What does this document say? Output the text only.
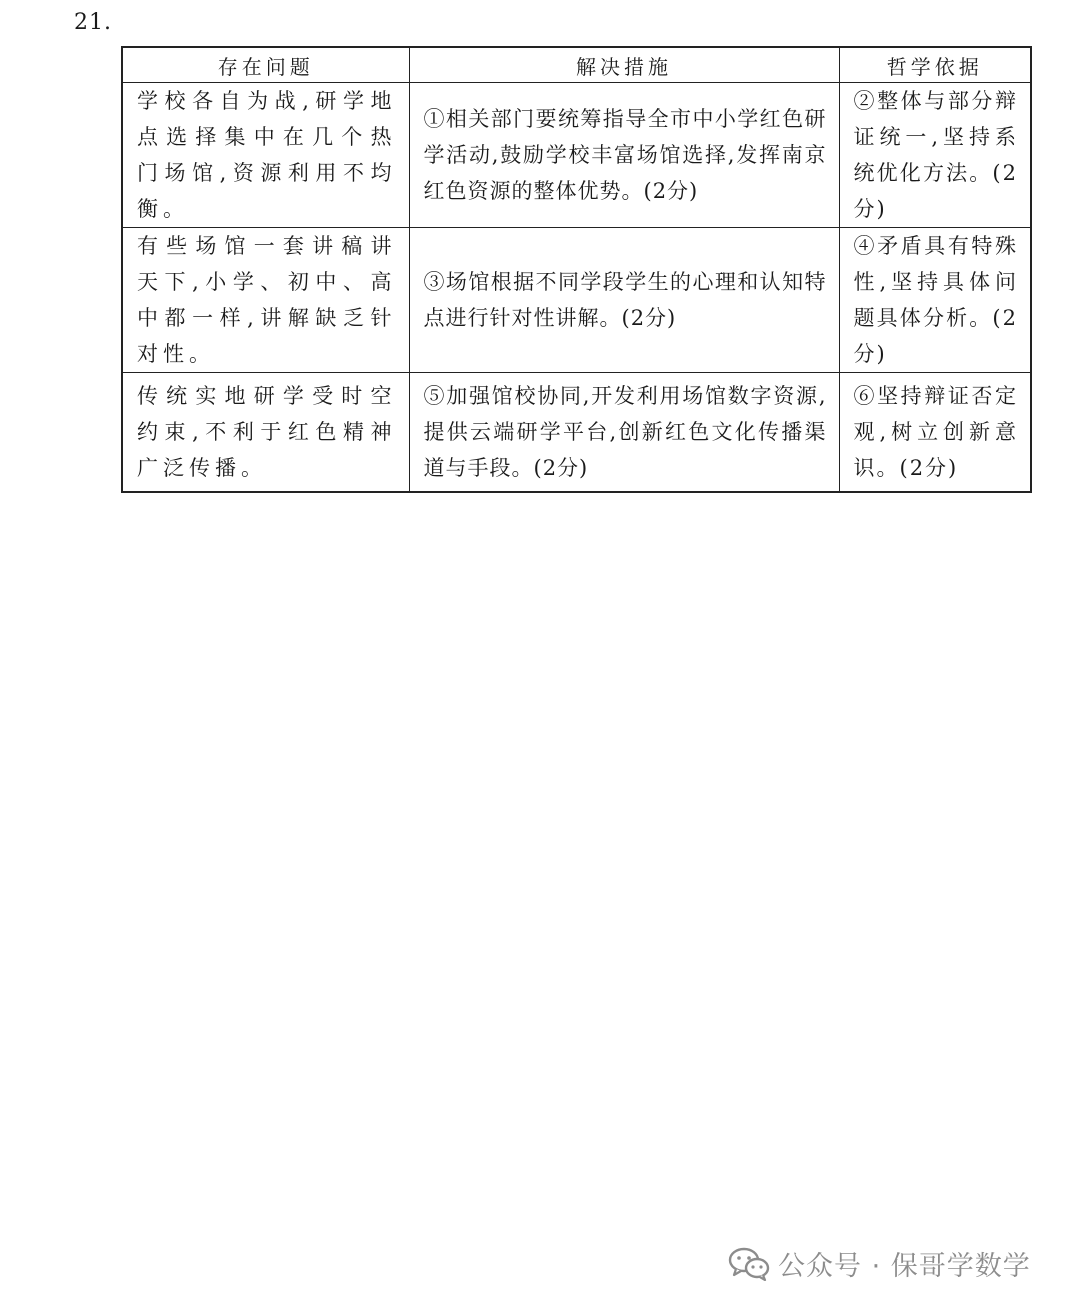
21.
存在问题	解决措施	哲学依据
学校各自为战,研学地点选择集中在几个热门场馆,资源利用不均衡。	①相关部门要统筹指导全市中小学红色研学活动,鼓励学校丰富场馆选择,发挥南京红色资源的整体优势。(2分)	②整体与部分辩证统一,坚持系统优化方法。(2分)
有些场馆一套讲稿讲天下,小学、初中、高中都一样,讲解缺乏针对性。	③场馆根据不同学段学生的心理和认知特点进行针对性讲解。(2分)	④矛盾具有特殊性,坚持具体问题具体分析。(2分)
传统实地研学受时空约束,不利于红色精神广泛传播。	⑤加强馆校协同,开发利用场馆数字资源,提供云端研学平台,创新红色文化传播渠道与手段。(2分)	⑥坚持辩证否定观,树立创新意识。(2分)
公众号 · 保哥学数学
